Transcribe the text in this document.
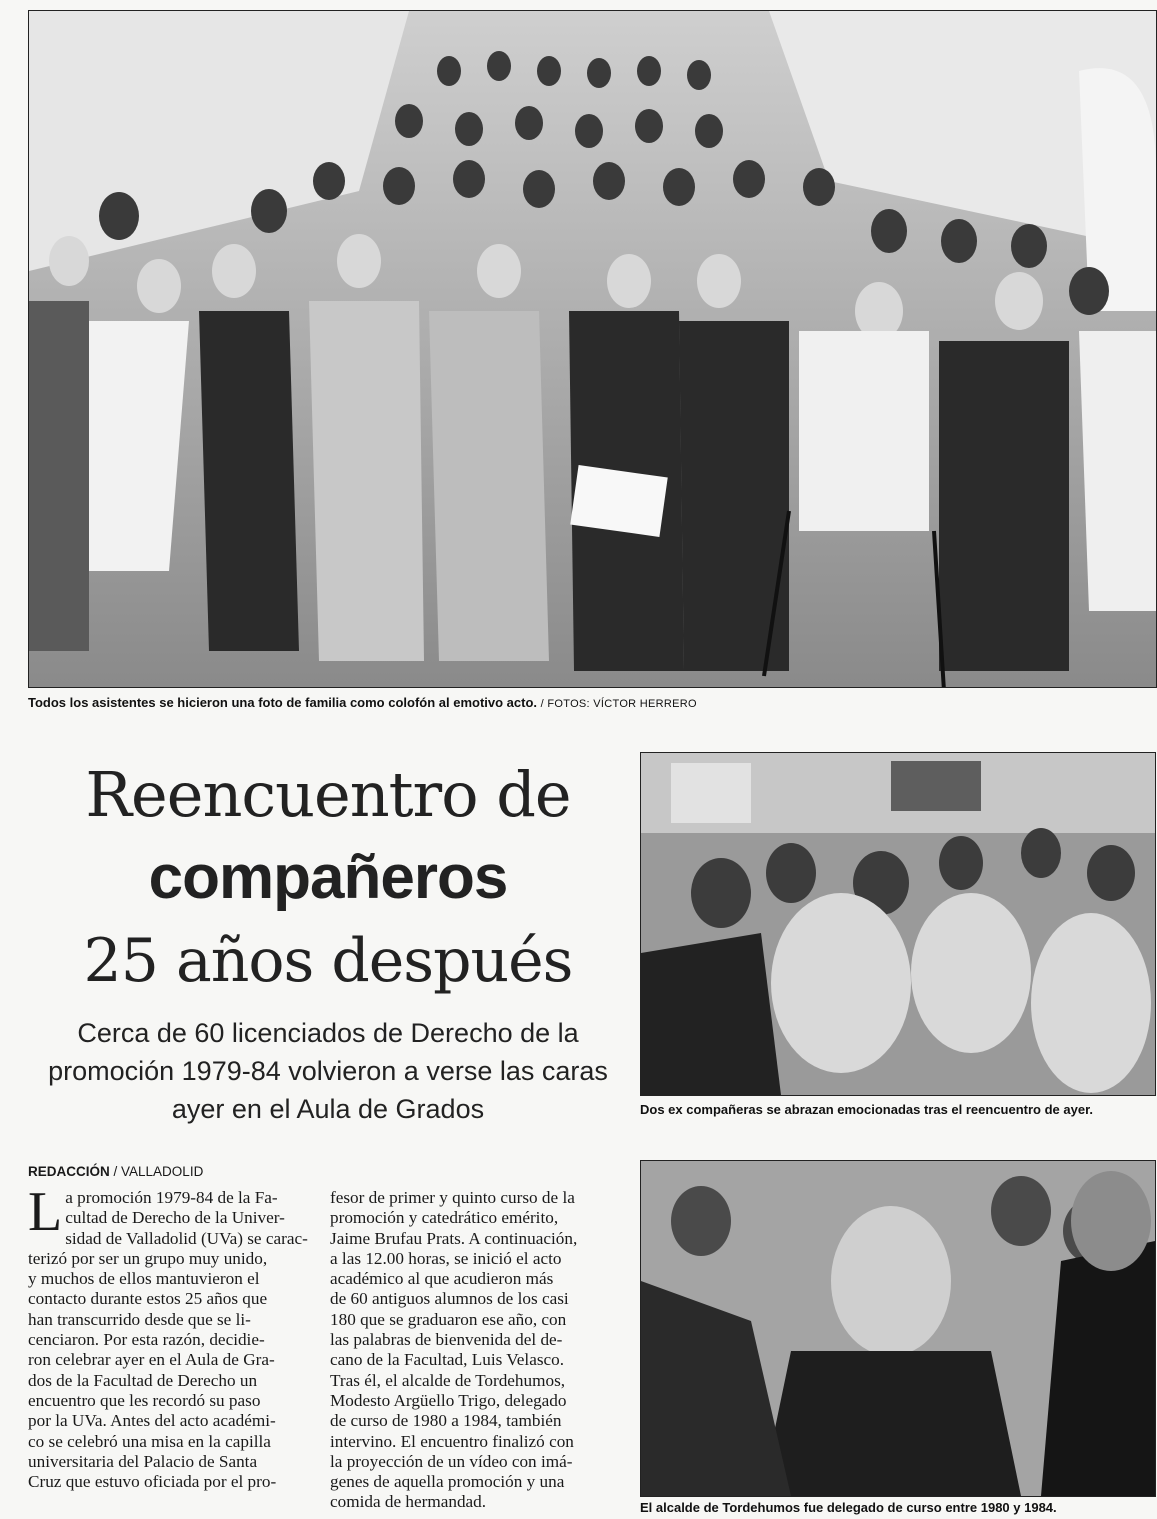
Todos los asistentes se hicieron una foto de familia como colofón al emotivo acto. / FOTOS: VÍCTOR HERRERO
Reencuentro de
compañeros
25 años después
Cerca de 60 licenciados de Derecho de la promoción 1979-84 volvieron a verse las caras ayer en el Aula de Grados	Dos ex compañeras se abrazan emocionadas tras el reencuentro de ayer.
El alcalde de Tordehumos fue delegado de curso entre 1980 y 1984.
REDACCIÓN / VALLADOLID
L a promoción 1979-84 de la Fa-
cultad de Derecho de la Univer-
sidad de Valladolid (UVa) se carac-
terizó por ser un grupo muy unido,
y muchos de ellos mantuvieron el
contacto durante estos 25 años que
han transcurrido desde que se li-
cenciaron. Por esta razón, decidie-
ron celebrar ayer en el Aula de Gra-
dos de la Facultad de Derecho un
encuentro que les recordó su paso
por la UVa. Antes del acto académi-
co se celebró una misa en la capilla
universitaria del Palacio de Santa
Cruz que estuvo oficiada por el pro-
fesor de primer y quinto curso de la
promoción y catedrático emérito,
Jaime Brufau Prats. A continuación,
a las 12.00 horas, se inició el acto
académico al que acudieron más
de 60 antiguos alumnos de los casi
180 que se graduaron ese año, con
las palabras de bienvenida del de-
cano de la Facultad, Luis Velasco.
Tras él, el alcalde de Tordehumos,
Modesto Argüello Trigo, delegado
de curso de 1980 a 1984, también
intervino. El encuentro finalizó con
la proyección de un vídeo con imá-
genes de aquella promoción y una
comida de hermandad.
